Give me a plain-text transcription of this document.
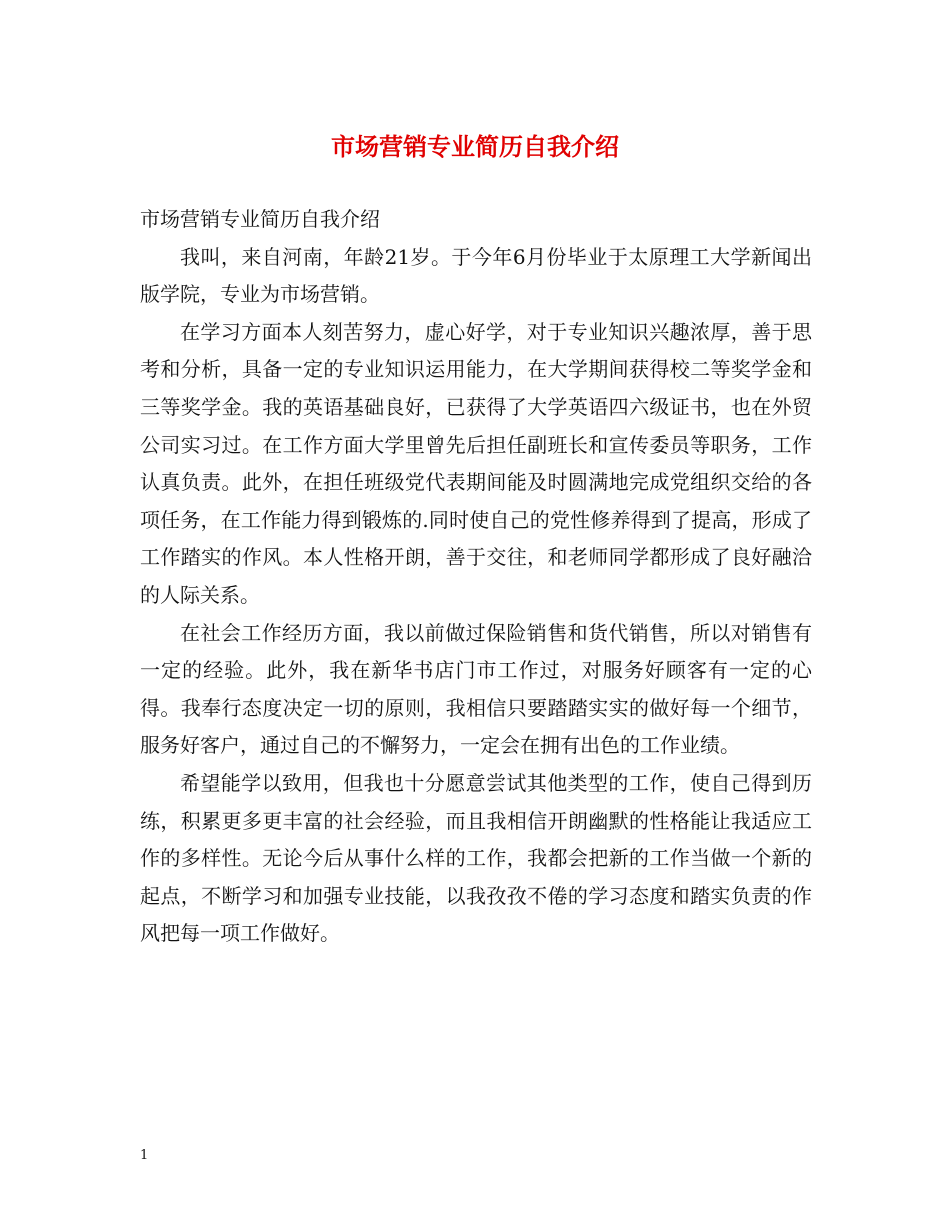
市场营销专业简历自我介绍

市场营销专业简历自我介绍

我叫，来自河南，年龄21岁。于今年6月份毕业于太原理工大学新闻出版学院，专业为市场营销。

在学习方面本人刻苦努力，虚心好学，对于专业知识兴趣浓厚，善于思考和分析，具备一定的专业知识运用能力，在大学期间获得校二等奖学金和三等奖学金。我的英语基础良好，已获得了大学英语四六级证书，也在外贸公司实习过。在工作方面大学里曾先后担任副班长和宣传委员等职务，工作认真负责。此外，在担任班级党代表期间能及时圆满地完成党组织交给的各项任务，在工作能力得到锻炼的.同时使自己的党性修养得到了提高，形成了工作踏实的作风。本人性格开朗，善于交往，和老师同学都形成了良好融洽的人际关系。

在社会工作经历方面，我以前做过保险销售和货代销售，所以对销售有一定的经验。此外，我在新华书店门市工作过，对服务好顾客有一定的心得。我奉行态度决定一切的原则，我相信只要踏踏实实的做好每一个细节，服务好客户，通过自己的不懈努力，一定会在拥有出色的工作业绩。

希望能学以致用，但我也十分愿意尝试其他类型的工作，使自己得到历练，积累更多更丰富的社会经验，而且我相信开朗幽默的性格能让我适应工作的多样性。无论今后从事什么样的工作，我都会把新的工作当做一个新的起点，不断学习和加强专业技能，以我孜孜不倦的学习态度和踏实负责的作风把每一项工作做好。

1
